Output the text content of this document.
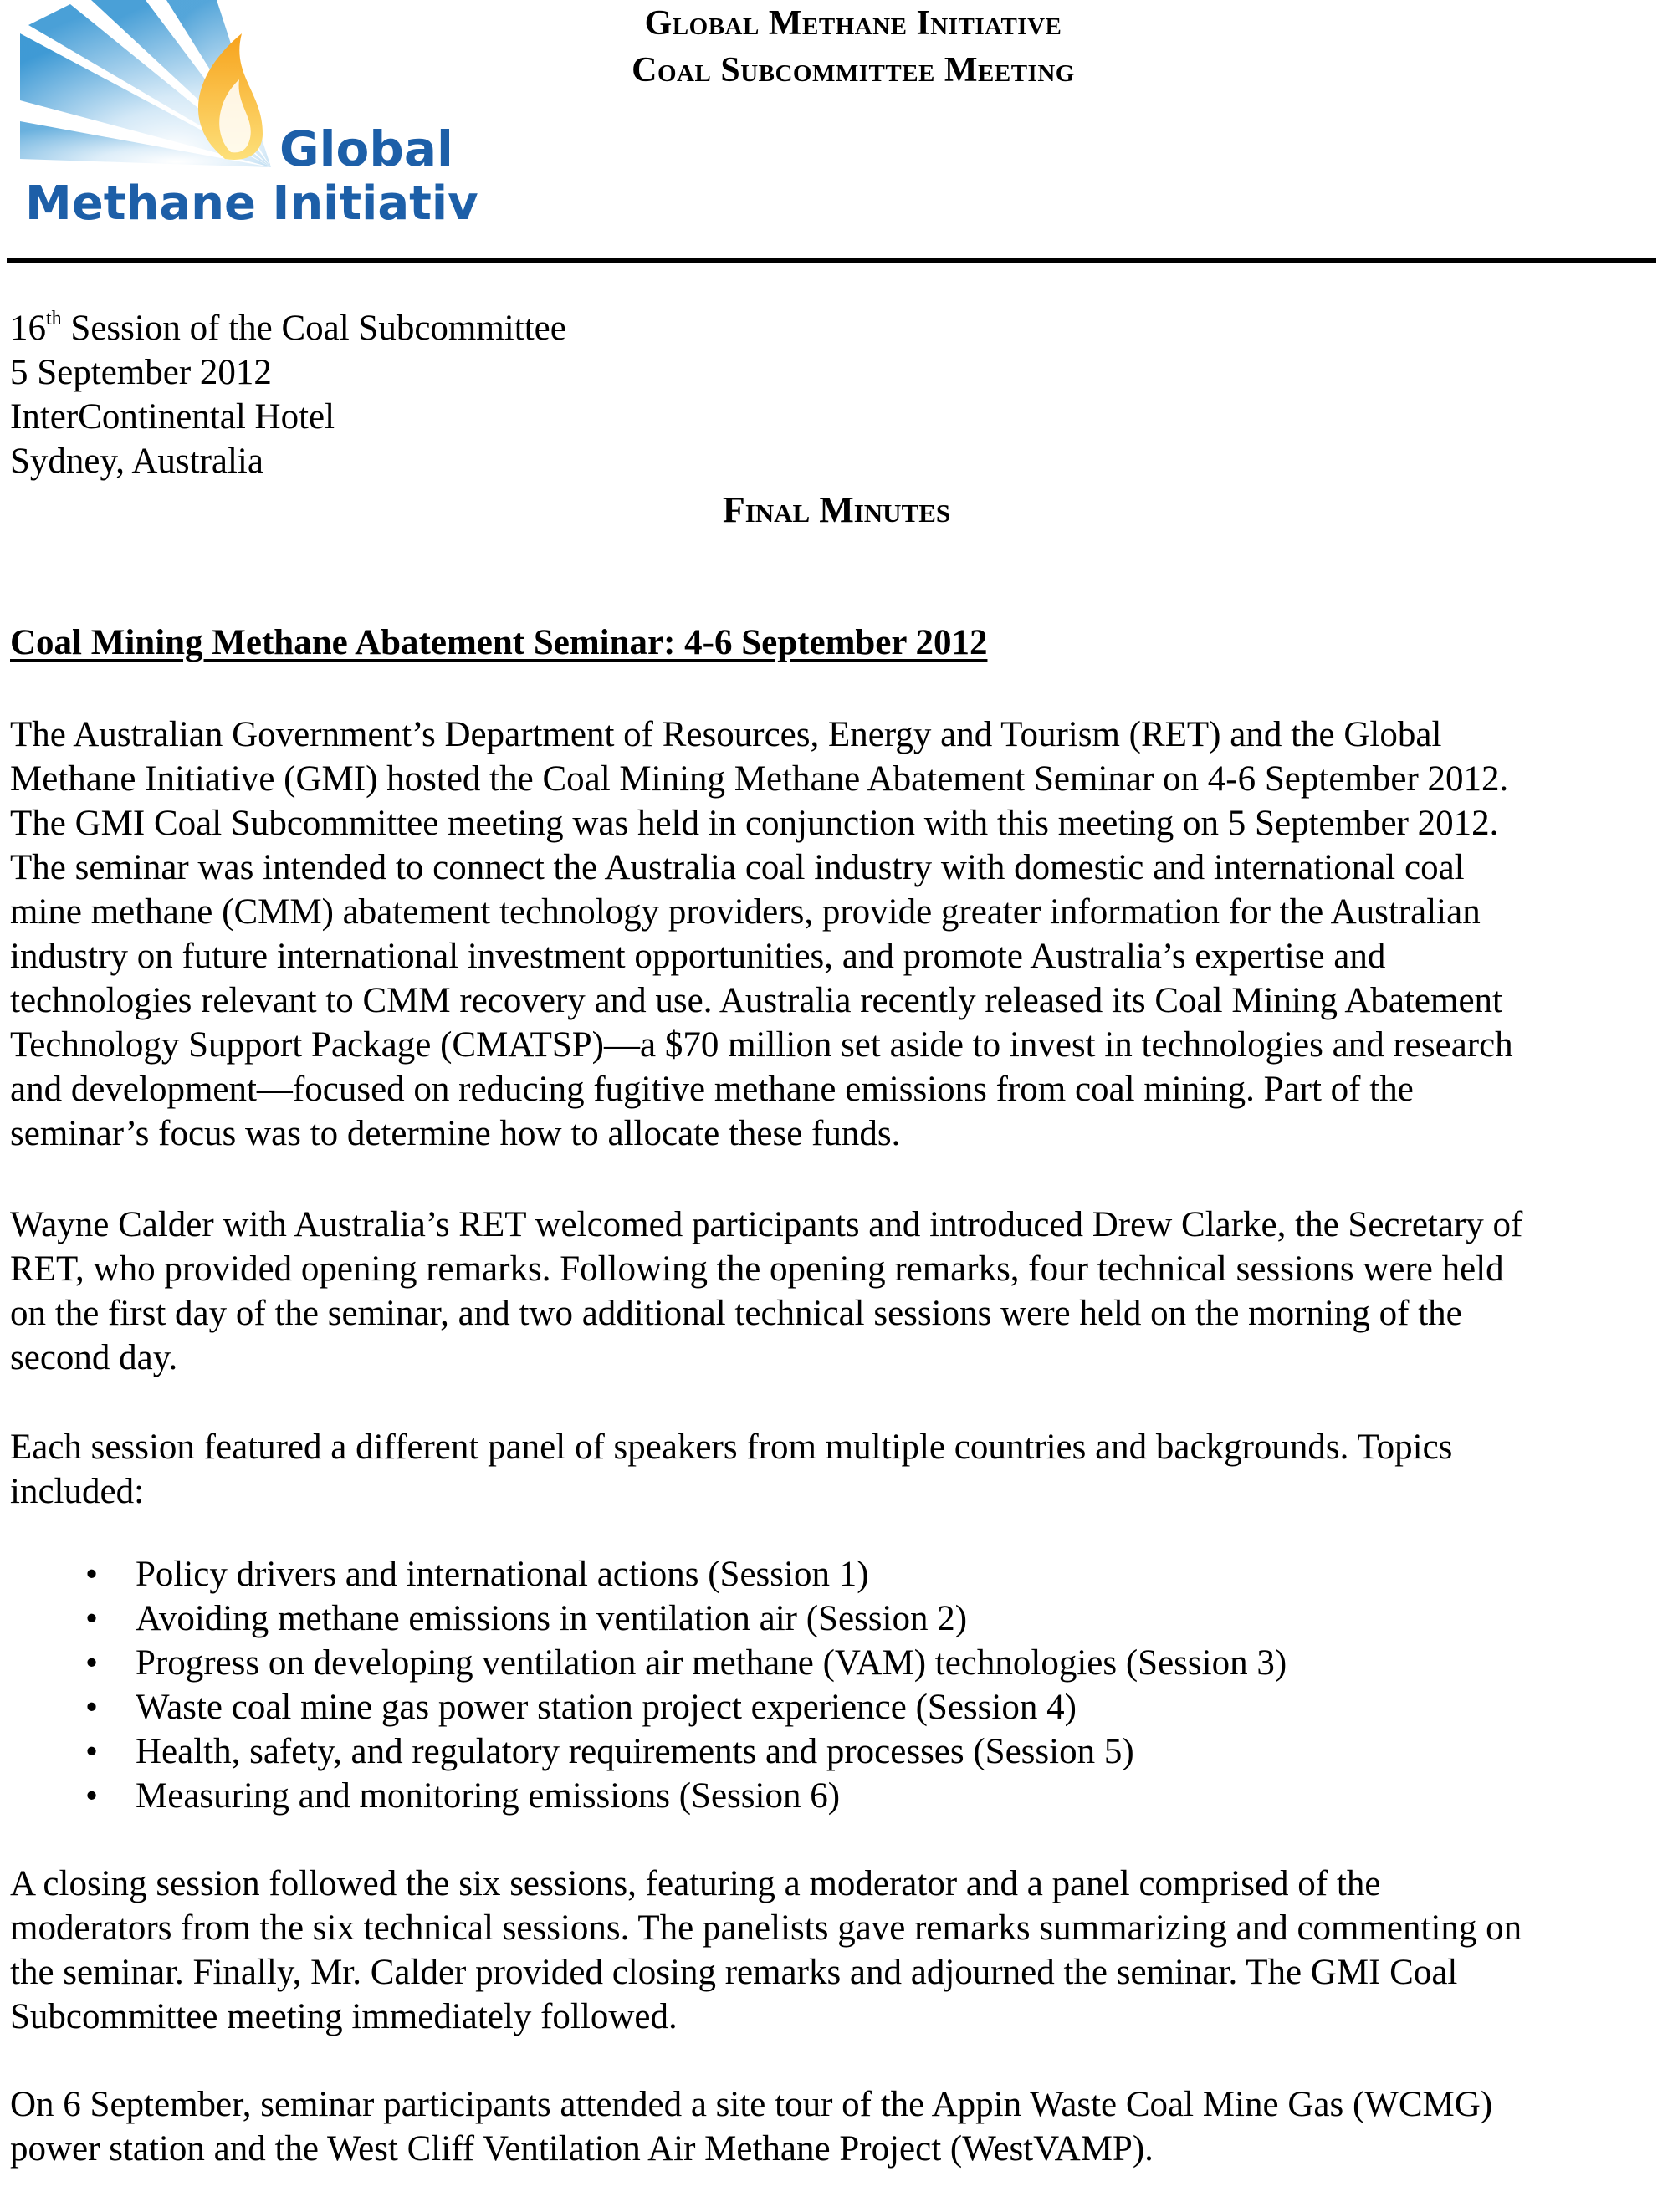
Global
Methane Initiative
Global Methane Initiative
Coal Subcommittee Meeting
16th Session of the Coal Subcommittee
5 September 2012
InterContinental Hotel
Sydney, Australia
Final Minutes
Coal Mining Methane Abatement Seminar: 4-6 September 2012
The Australian Government’s Department of Resources, Energy and Tourism (RET) and the Global
Methane Initiative (GMI) hosted the Coal Mining Methane Abatement Seminar on 4-6 September 2012.
The GMI Coal Subcommittee meeting was held in conjunction with this meeting on 5 September 2012.
The seminar was intended to connect the Australia coal industry with domestic and international coal
mine methane (CMM) abatement technology providers, provide greater information for the Australian
industry on future international investment opportunities, and promote Australia’s expertise and
technologies relevant to CMM recovery and use. Australia recently released its Coal Mining Abatement
Technology Support Package (CMATSP)—a $70 million set aside to invest in technologies and research
and development—focused on reducing fugitive methane emissions from coal mining. Part of the
seminar’s focus was to determine how to allocate these funds.
Wayne Calder with Australia’s RET welcomed participants and introduced Drew Clarke, the Secretary of
RET, who provided opening remarks. Following the opening remarks, four technical sessions were held
on the first day of the seminar, and two additional technical sessions were held on the morning of the
second day.
Each session featured a different panel of speakers from multiple countries and backgrounds. Topics
included:
•	Policy drivers and international actions (Session 1)
•	Avoiding methane emissions in ventilation air (Session 2)
•	Progress on developing ventilation air methane (VAM) technologies (Session 3)
•	Waste coal mine gas power station project experience (Session 4)
•	Health, safety, and regulatory requirements and processes (Session 5)
•	Measuring and monitoring emissions (Session 6)
A closing session followed the six sessions, featuring a moderator and a panel comprised of the
moderators from the six technical sessions. The panelists gave remarks summarizing and commenting on
the seminar. Finally, Mr. Calder provided closing remarks and adjourned the seminar. The GMI Coal
Subcommittee meeting immediately followed.
On 6 September, seminar participants attended a site tour of the Appin Waste Coal Mine Gas (WCMG)
power station and the West Cliff Ventilation Air Methane Project (WestVAMP).
